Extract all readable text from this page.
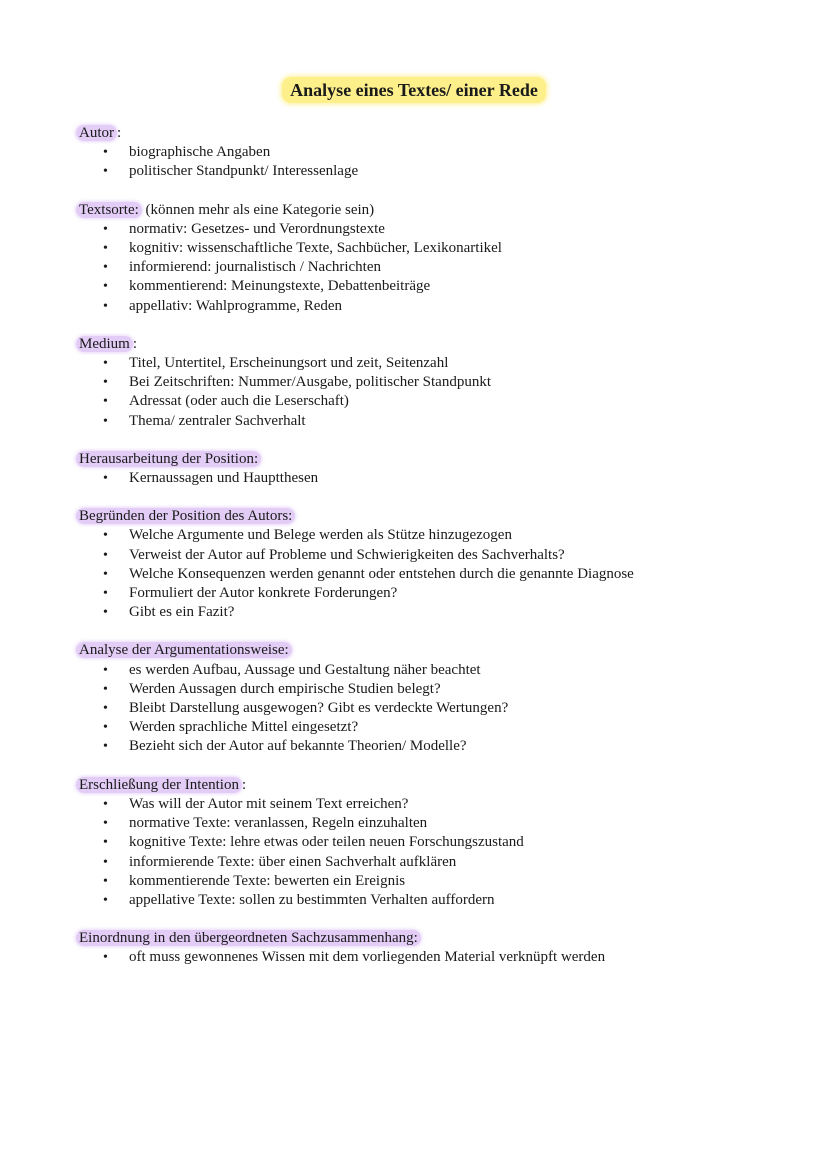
Analyse eines Textes/ einer Rede
Autor :
• biographische Angaben
• politischer Standpunkt/ Interessenlage
Textsorte: (können mehr als eine Kategorie sein)
• normativ: Gesetzes- und Verordnungstexte
• kognitiv: wissenschaftliche Texte, Sachbücher, Lexikonartikel
• informierend: journalistisch / Nachrichten
• kommentierend: Meinungstexte, Debattenbeiträge
• appellativ: Wahlprogramme, Reden
Medium :
• Titel, Untertitel, Erscheinungsort und zeit, Seitenzahl
• Bei Zeitschriften: Nummer/Ausgabe, politischer Standpunkt
• Adressat (oder auch die Leserschaft)
• Thema/ zentraler Sachverhalt
Herausarbeitung der Position:
• Kernaussagen und Hauptthesen
Begründen der Position des Autors:
• Welche Argumente und Belege werden als Stütze hinzugezogen
• Verweist der Autor auf Probleme und Schwierigkeiten des Sachverhalts?
• Welche Konsequenzen werden genannt oder entstehen durch die genannte Diagnose
• Formuliert der Autor konkrete Forderungen?
• Gibt es ein Fazit?
Analyse der Argumentationsweise:
• es werden Aufbau, Aussage und Gestaltung näher beachtet
• Werden Aussagen durch empirische Studien belegt?
• Bleibt Darstellung ausgewogen? Gibt es verdeckte Wertungen?
• Werden sprachliche Mittel eingesetzt?
• Bezieht sich der Autor auf bekannte Theorien/ Modelle?
Erschließung der Intention :
• Was will der Autor mit seinem Text erreichen?
• normative Texte: veranlassen, Regeln einzuhalten
• kognitive Texte: lehre etwas oder teilen neuen Forschungszustand
• informierende Texte: über einen Sachverhalt aufklären
• kommentierende Texte: bewerten ein Ereignis
• appellative Texte: sollen zu bestimmten Verhalten auffordern
Einordnung in den übergeordneten Sachzusammenhang:
• oft muss gewonnenes Wissen mit dem vorliegenden Material verknüpft werden
